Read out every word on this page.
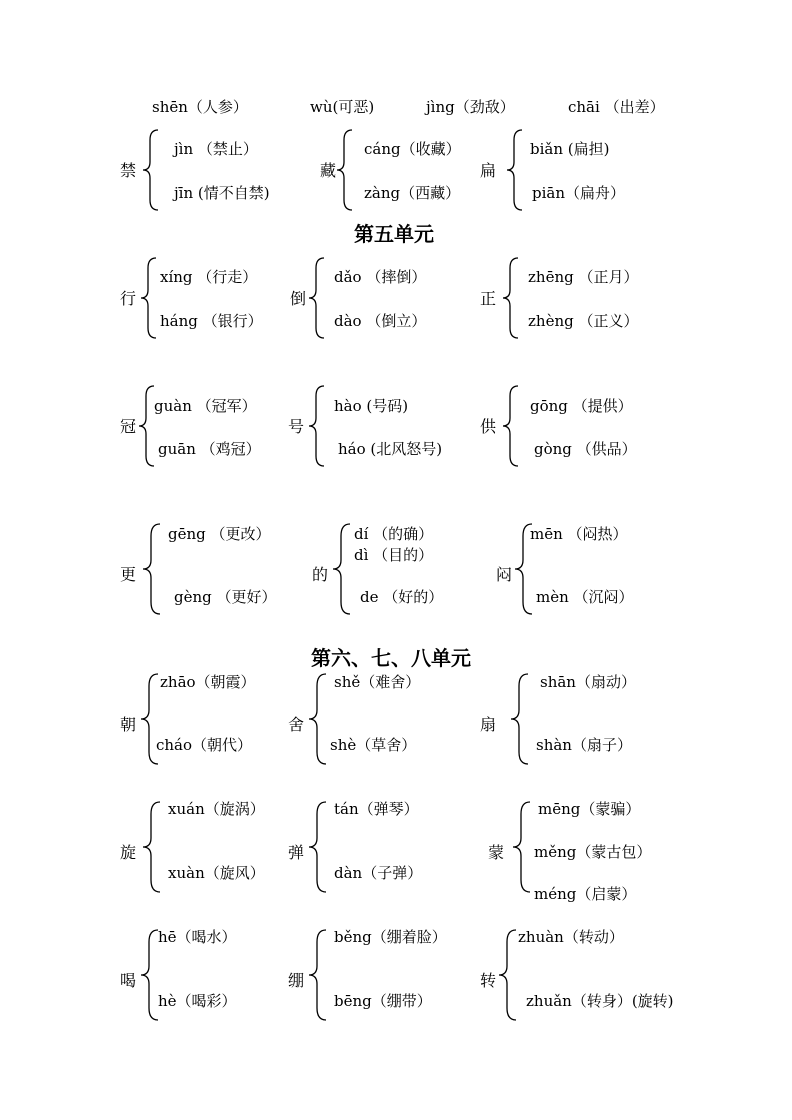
shēn（人参）	wù(可恶)	jìng（劲敌）	chāi （出差）
禁
jìn （禁止）
jīn (情不自禁)
藏
cáng（收藏）
zàng（西藏）
扁
biǎn (扁担)
piān（扁舟）
第五单元
行
xíng （行走）
háng （银行）
倒
dǎo （摔倒）
dào （倒立）
正
zhēng （正月）
zhèng （正义）
冠
guàn （冠军）
guān （鸡冠）
号
hào (号码)
háo (北风怒号)
供
gōng （提供）
gòng （供品）
更
gēng （更改）
gèng （更好）
的
dí （的确）
dì （目的）
de （好的）
闷
mēn （闷热）
mèn （沉闷）
第六、七、八单元
朝
zhāo（朝霞）
cháo（朝代）
舍
shě（难舍）
shè（草舍）
扇
shān（扇动）
shàn（扇子）
旋
xuán（旋涡）
xuàn（旋风）
弹
tán（弹琴）
dàn（子弹）
蒙
mēng（蒙骗）
měng（蒙古包）
méng（启蒙）
喝
hē（喝水）
hè（喝彩）
绷
běng（绷着脸）
bēng（绷带）
转
zhuàn（转动）
zhuǎn（转身）(旋转)
